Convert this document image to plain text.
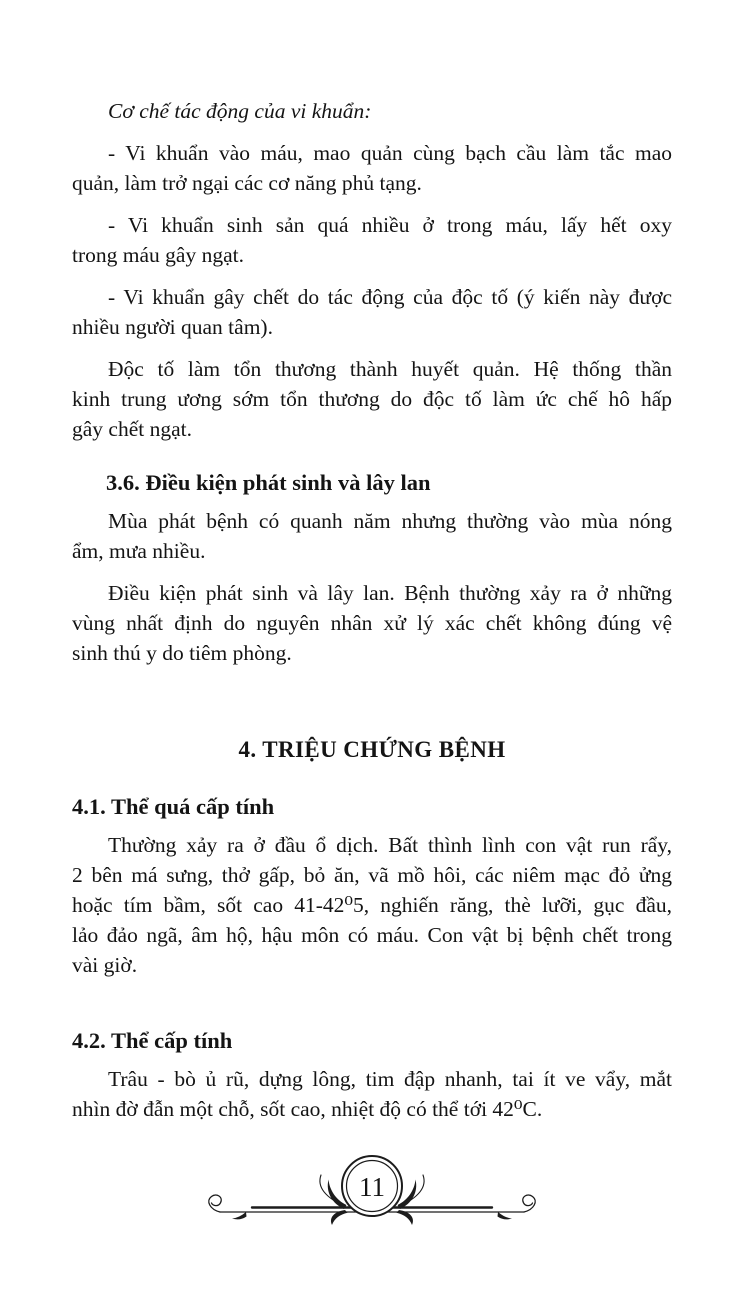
Cơ chế tác động của vi khuẩn:
- Vi khuẩn vào máu, mao quản cùng bạch cầu làm tắc mao
quản, làm trở ngại các cơ năng phủ tạng.
- Vi khuẩn sinh sản quá nhiều ở trong máu, lấy hết oxy
trong máu gây ngạt.
- Vi khuẩn gây chết do tác động của độc tố (ý kiến này được
nhiều người quan tâm).
Độc tố làm tổn thương thành huyết quản. Hệ thống thần
kinh trung ương sớm tổn thương do độc tố làm ức chế hô hấp
gây chết ngạt.
3.6. Điều kiện phát sinh và lây lan
Mùa phát bệnh có quanh năm nhưng thường vào mùa nóng
ẩm, mưa nhiều.
Điều kiện phát sinh và lây lan. Bệnh thường xảy ra ở những
vùng nhất định do nguyên nhân xử lý xác chết không đúng vệ
sinh thú y do tiêm phòng.
4. TRIỆU CHỨNG BỆNH
4.1. Thể quá cấp tính
Thường xảy ra ở đầu ổ dịch. Bất thình lình con vật run rẩy,
2 bên má sưng, thở gấp, bỏ ăn, vã mồ hôi, các niêm mạc đỏ ửng
hoặc tím bầm, sốt cao 41-42⁰5, nghiến răng, thè lưỡi, gục đầu,
lảo đảo ngã, âm hộ, hậu môn có máu. Con vật bị bệnh chết trong
vài giờ.
4.2. Thể cấp tính
Trâu - bò ủ rũ, dựng lông, tim đập nhanh, tai ít ve vẩy, mắt
nhìn đờ đẫn một chỗ, sốt cao, nhiệt độ có thể tới 42⁰C.
11
